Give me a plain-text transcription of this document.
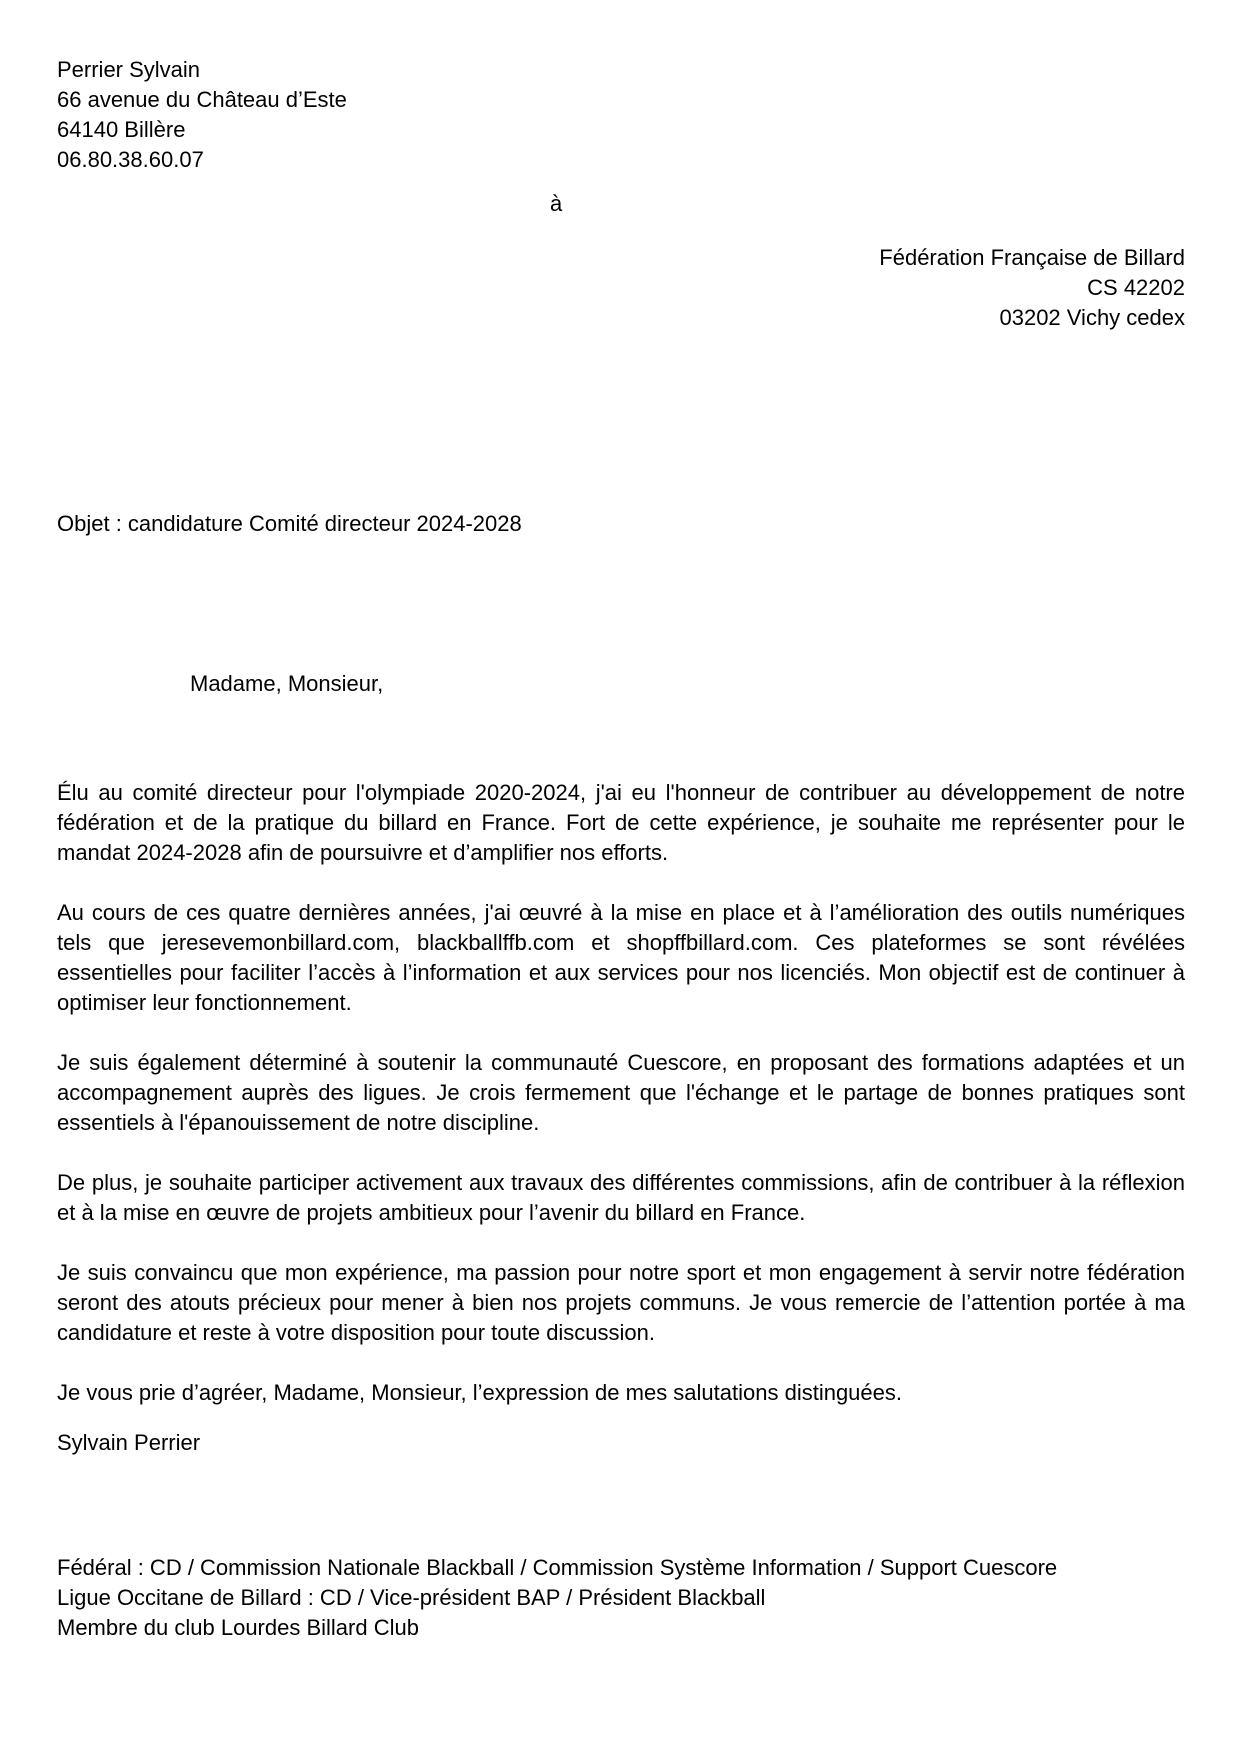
Perrier Sylvain
66 avenue du Château d’Este
64140 Billère
06.80.38.60.07
à
Fédération Française de Billard
CS 42202
03202 Vichy cedex
Objet : candidature Comité directeur 2024-2028
Madame, Monsieur,
Élu au comité directeur pour l'olympiade 2020-2024, j'ai eu l'honneur de contribuer au développement de notre fédération et de la pratique du billard en France. Fort de cette expérience, je souhaite me représenter pour le mandat 2024-2028 afin de poursuivre et d’amplifier nos efforts.
Au cours de ces quatre dernières années, j'ai œuvré à la mise en place et à l’amélioration des outils numériques tels que jeresevemonbillard.com, blackballffb.com et shopffbillard.com. Ces plateformes se sont révélées essentielles pour faciliter l’accès à l’information et aux services pour nos licenciés. Mon objectif est de continuer à optimiser leur fonctionnement.
Je suis également déterminé à soutenir la communauté Cuescore, en proposant des formations adaptées et un accompagnement auprès des ligues. Je crois fermement que l'échange et le partage de bonnes pratiques sont essentiels à l'épanouissement de notre discipline.
De plus, je souhaite participer activement aux travaux des différentes commissions, afin de contribuer à la réflexion et à la mise en œuvre de projets ambitieux pour l’avenir du billard en France.
Je suis convaincu que mon expérience, ma passion pour notre sport et mon engagement à servir notre fédération seront des atouts précieux pour mener à bien nos projets communs. Je vous remercie de l’attention portée à ma candidature et reste à votre disposition pour toute discussion.
Je vous prie d’agréer, Madame, Monsieur, l’expression de mes salutations distinguées.
Sylvain Perrier
Fédéral : CD / Commission Nationale Blackball / Commission Système Information / Support Cuescore
Ligue Occitane de Billard : CD / Vice-président BAP / Président Blackball
Membre du club Lourdes Billard Club
